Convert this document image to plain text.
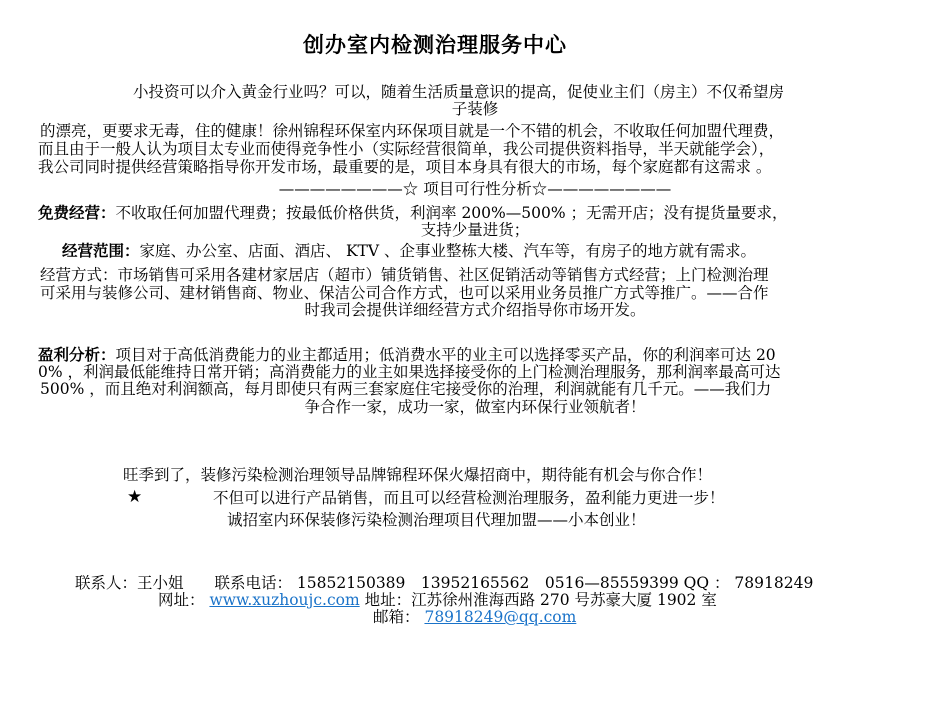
创办室内检测治理服务中心
小投资可以介入黄金行业吗？可以，随着生活质量意识的提高，促使业主们（房主）不仅希望房
子装修
的漂亮，更要求无毒，住的健康！徐州锦程环保室内环保项目就是一个不错的机会，不收取任何加盟代理费，
而且由于一般人认为项目太专业而使得竞争性小（实际经营很简单，我公司提供资料指导，半天就能学会），
我公司同时提供经营策略指导你开发市场，最重要的是，项目本身具有很大的市场，每个家庭都有这需求 。
————————☆ 项目可行性分析☆————————
免费经营：不收取任何加盟代理费；按最低价格供货，利润率 200%—500% ；无需开店；没有提货量要求，
支持少量进货；
经营范围：家庭、办公室、店面、酒店、 KTV 、企事业整栋大楼、汽车等，有房子的地方就有需求。
经营方式：市场销售可采用各建材家居店（超市）铺货销售、社区促销活动等销售方式经营；上门检测治理
可采用与装修公司、建材销售商、物业、保洁公司合作方式，也可以采用业务员推广方式等推广。——合作
时我司会提供详细经营方式介绍指导你市场开发。
盈利分析：项目对于高低消费能力的业主都适用；低消费水平的业主可以选择零买产品，你的利润率可达 20
0% ，利润最低能维持日常开销；高消费能力的业主如果选择接受你的上门检测治理服务，那利润率最高可达
500% ，而且绝对利润额高，每月即使只有两三套家庭住宅接受你的治理，利润就能有几千元。——我们力
争合作一家，成功一家，做室内环保行业领航者！
旺季到了，装修污染检测治理领导品牌锦程环保火爆招商中，期待能有机会与你合作！
★	不但可以进行产品销售，而且可以经营检测治理服务，盈利能力更进一步！
诚招室内环保装修污染检测治理项目代理加盟——小本创业！
联系人：王小姐　　联系电话： 15852150389　13952165562　0516—85559399 QQ ： 78918249
网址： www.xuzhoujc.com 地址：江苏徐州淮海西路 270 号苏豪大厦 1902 室
邮箱： 78918249@qq.com
